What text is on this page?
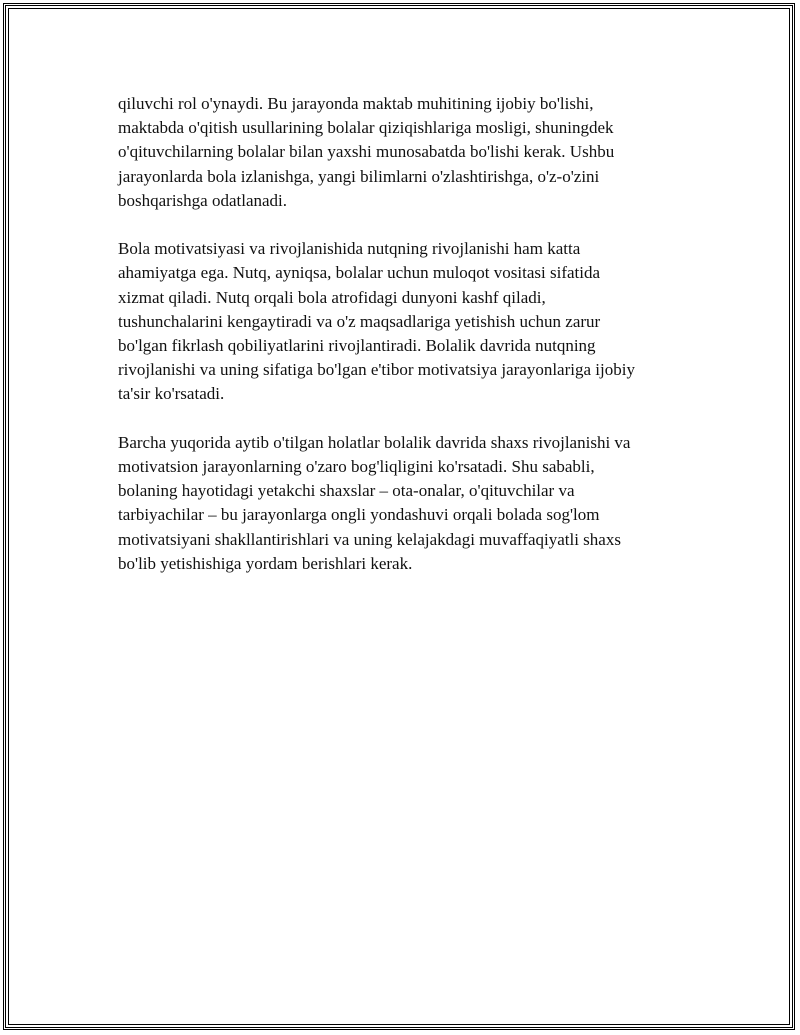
qiluvchi rol o'ynaydi. Bu jarayonda maktab muhitining ijobiy bo'lishi,
maktabda o'qitish usullarining bolalar qiziqishlariga mosligi, shuningdek
o'qituvchilarning bolalar bilan yaxshi munosabatda bo'lishi kerak. Ushbu
jarayonlarda bola izlanishga, yangi bilimlarni o'zlashtirishga, o'z-o'zini
boshqarishga odatlanadi.

Bola motivatsiyasi va rivojlanishida nutqning rivojlanishi ham katta
ahamiyatga ega. Nutq, ayniqsa, bolalar uchun muloqot vositasi sifatida
xizmat qiladi. Nutq orqali bola atrofidagi dunyoni kashf qiladi,
tushunchalarini kengaytiradi va o'z maqsadlariga yetishish uchun zarur
bo'lgan fikrlash qobiliyatlarini rivojlantiradi. Bolalik davrida nutqning
rivojlanishi va uning sifatiga bo'lgan e'tibor motivatsiya jarayonlariga ijobiy
ta'sir ko'rsatadi.

Barcha yuqorida aytib o'tilgan holatlar bolalik davrida shaxs rivojlanishi va
motivatsion jarayonlarning o'zaro bog'liqligini ko'rsatadi. Shu sababli,
bolaning hayotidagi yetakchi shaxslar – ota-onalar, o'qituvchilar va
tarbiyachilar – bu jarayonlarga ongli yondashuvi orqali bolada sog'lom
motivatsiyani shakllantirishlari va uning kelajakdagi muvaffaqiyatli shaxs
bo'lib yetishishiga yordam berishlari kerak.
